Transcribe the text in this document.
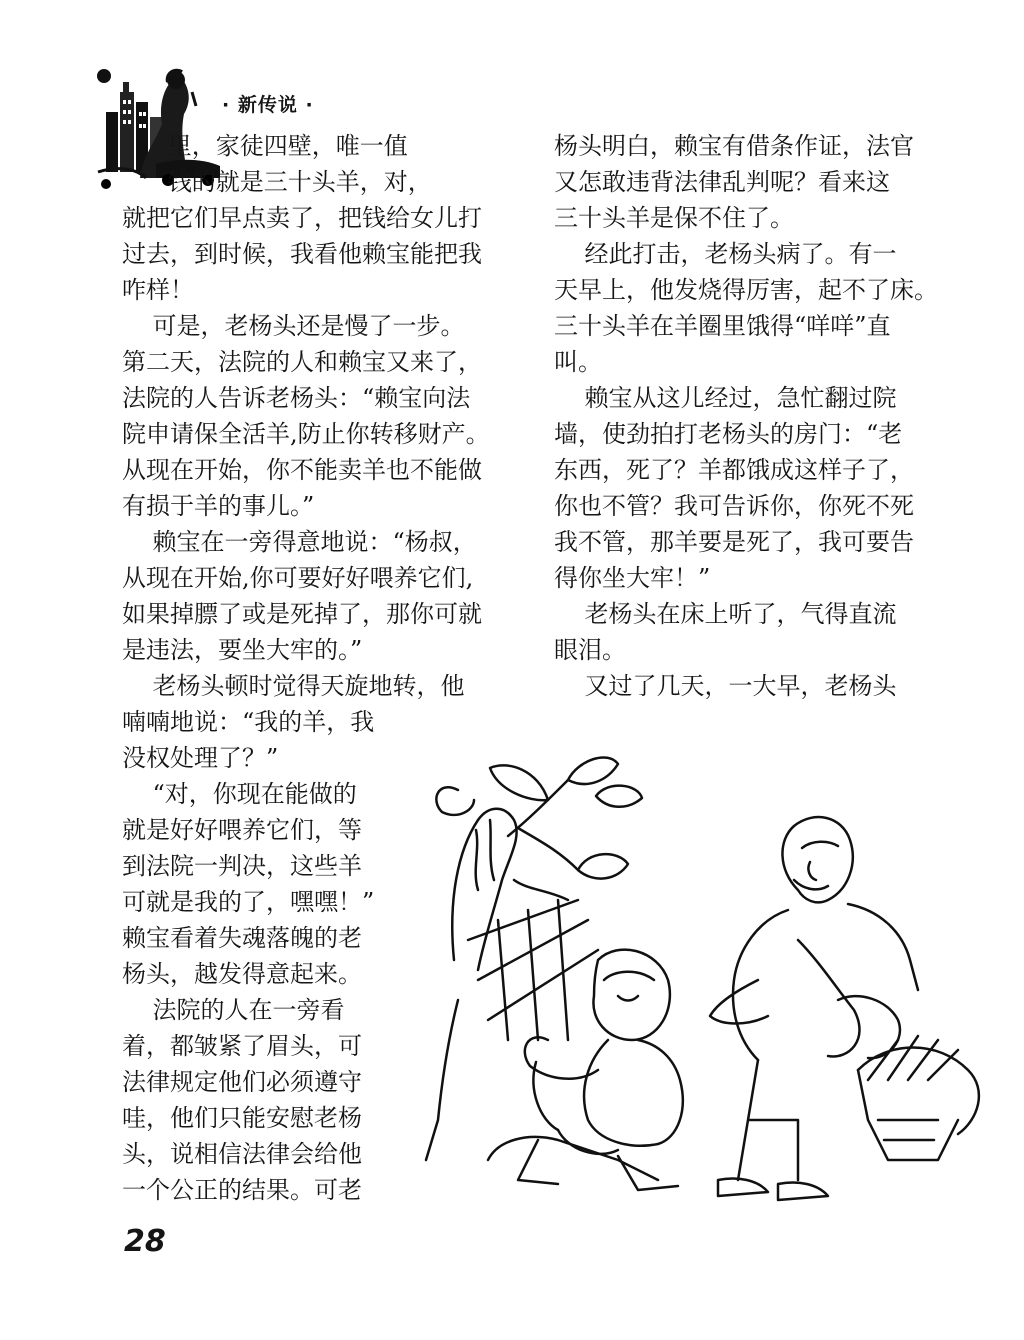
· 新传说 ·

里，家徒四壁，唯一值
钱的就是三十头羊，对，
就把它们早点卖了，把钱给女儿打
过去，到时候，我看他赖宝能把我
咋样！

可是，老杨头还是慢了一步。
第二天，法院的人和赖宝又来了，
法院的人告诉老杨头：“赖宝向法
院申请保全活羊,防止你转移财产。
从现在开始，你不能卖羊也不能做
有损于羊的事儿。”

赖宝在一旁得意地说：“杨叔，
从现在开始,你可要好好喂养它们,
如果掉膘了或是死掉了，那你可就
是违法，要坐大牢的。”

老杨头顿时觉得天旋地转，他
喃喃地说：“我的羊，我
没权处理了？”

“对，你现在能做的
就是好好喂养它们，等
到法院一判决，这些羊
可就是我的了，嘿嘿！”
赖宝看着失魂落魄的老
杨头，越发得意起来。

法院的人在一旁看
着，都皱紧了眉头，可
法律规定他们必须遵守
哇，他们只能安慰老杨
头，说相信法律会给他
一个公正的结果。可老

杨头明白，赖宝有借条作证，法官
又怎敢违背法律乱判呢？看来这
三十头羊是保不住了。

经此打击，老杨头病了。有一
天早上，他发烧得厉害，起不了床。
三十头羊在羊圈里饿得“咩咩”直
叫。

赖宝从这儿经过，急忙翻过院
墙，使劲拍打老杨头的房门：“老
东西，死了？羊都饿成这样子了，
你也不管？我可告诉你，你死不死
我不管，那羊要是死了，我可要告
得你坐大牢！”

老杨头在床上听了，气得直流
眼泪。

又过了几天，一大早，老杨头

28
